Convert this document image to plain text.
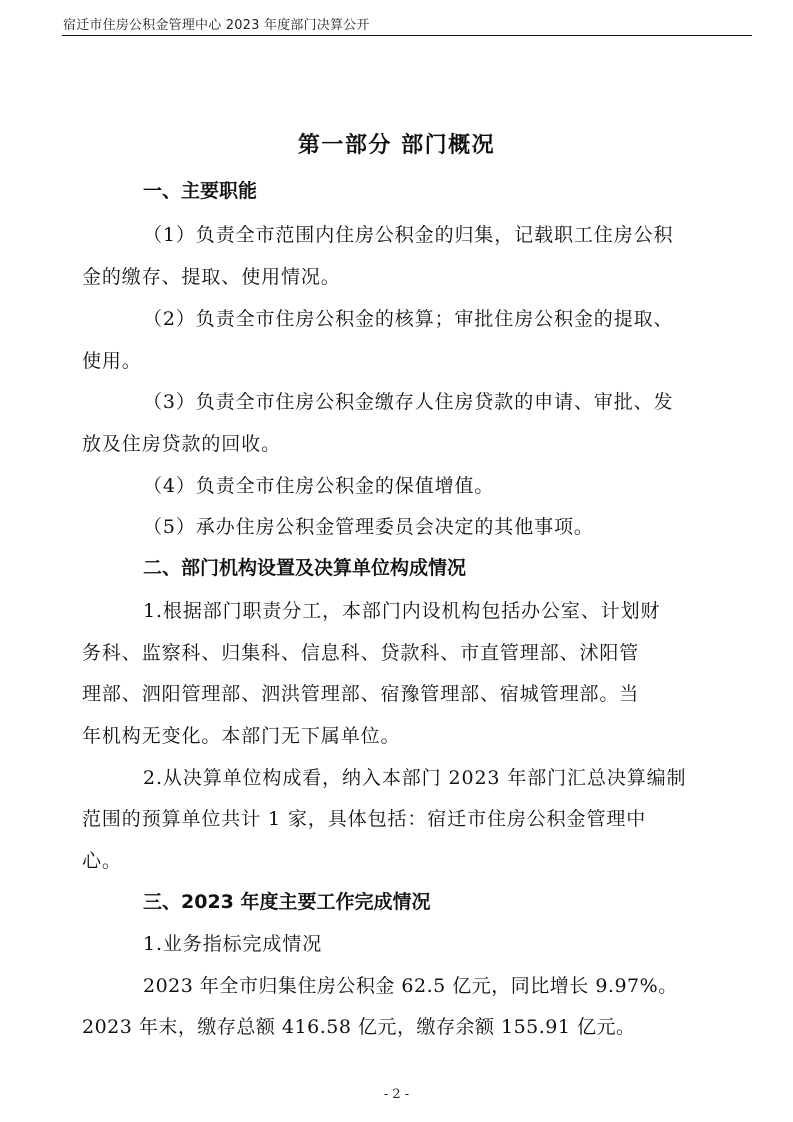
宿迁市住房公积金管理中心 2023 年度部门决算公开
第一部分 部门概况
一、主要职能
（1）负责全市范围内住房公积金的归集，记载职工住房公积
金的缴存、提取、使用情况。
（2）负责全市住房公积金的核算；审批住房公积金的提取、
使用。
（3）负责全市住房公积金缴存人住房贷款的申请、审批、发
放及住房贷款的回收。
（4）负责全市住房公积金的保值增值。
（5）承办住房公积金管理委员会决定的其他事项。
二、部门机构设置及决算单位构成情况
1.根据部门职责分工，本部门内设机构包括办公室、计划财
务科、监察科、归集科、信息科、贷款科、市直管理部、沭阳管
理部、泗阳管理部、泗洪管理部、宿豫管理部、宿城管理部。当
年机构无变化。本部门无下属单位。
2.从决算单位构成看，纳入本部门 2023 年部门汇总决算编制
范围的预算单位共计 1 家，具体包括：宿迁市住房公积金管理中
心。
三、2023 年度主要工作完成情况
1.业务指标完成情况
2023 年全市归集住房公积金 62.5 亿元，同比增长 9.97%。
2023 年末，缴存总额 416.58 亿元，缴存余额 155.91 亿元。
- 2 -
